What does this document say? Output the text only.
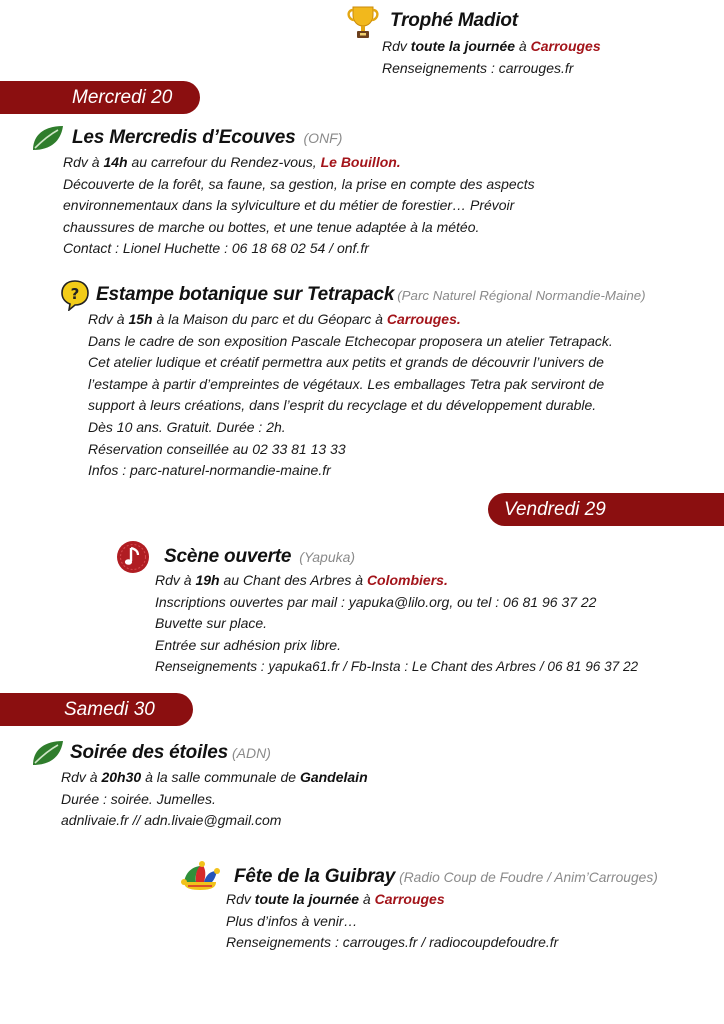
Trophé Madiot
Rdv toute la journée à Carrouges
Renseignements : carrouges.fr
Mercredi 20
Les Mercredis d’Ecouves (ONF)
Rdv à 14h au carrefour du Rendez-vous, Le Bouillon.
Découverte de la forêt, sa faune, sa gestion, la prise en compte des aspects
environnementaux dans la sylviculture et du métier de forestier… Prévoir
chaussures de marche ou bottes, et une tenue adaptée à la météo.
Contact : Lionel Huchette : 06 18 68 02 54 / onf.fr
? Estampe botanique sur Tetrapack (Parc Naturel Régional Normandie-Maine)
Rdv à 15h à la Maison du parc et du Géoparc à Carrouges.
Dans le cadre de son exposition Pascale Etchecopar proposera un atelier Tetrapack.
Cet atelier ludique et créatif permettra aux petits et grands de découvrir l’univers de
l’estampe à partir d’empreintes de végétaux. Les emballages Tetra pak serviront de
support à leurs créations, dans l’esprit du recyclage et du développement durable.
Dès 10 ans. Gratuit. Durée : 2h.
Réservation conseillée au 02 33 81 13 33
Infos : parc-naturel-normandie-maine.fr
Vendredi 29
Scène ouverte (Yapuka)
Rdv à 19h au Chant des Arbres à Colombiers.
Inscriptions ouvertes par mail : yapuka@lilo.org, ou tel : 06 81 96 37 22
Buvette sur place.
Entrée sur adhésion prix libre.
Renseignements : yapuka61.fr / Fb-Insta : Le Chant des Arbres / 06 81 96 37 22
Samedi 30
Soirée des étoiles (ADN)
Rdv à 20h30 à la salle communale de Gandelain
Durée : soirée. Jumelles.
adnlivaie.fr // adn.livaie@gmail.com
Fête de la Guibray (Radio Coup de Foudre / Anim’Carrouges)
Rdv toute la journée à Carrouges
Plus d’infos à venir…
Renseignements : carrouges.fr / radiocoupdefoudre.fr
